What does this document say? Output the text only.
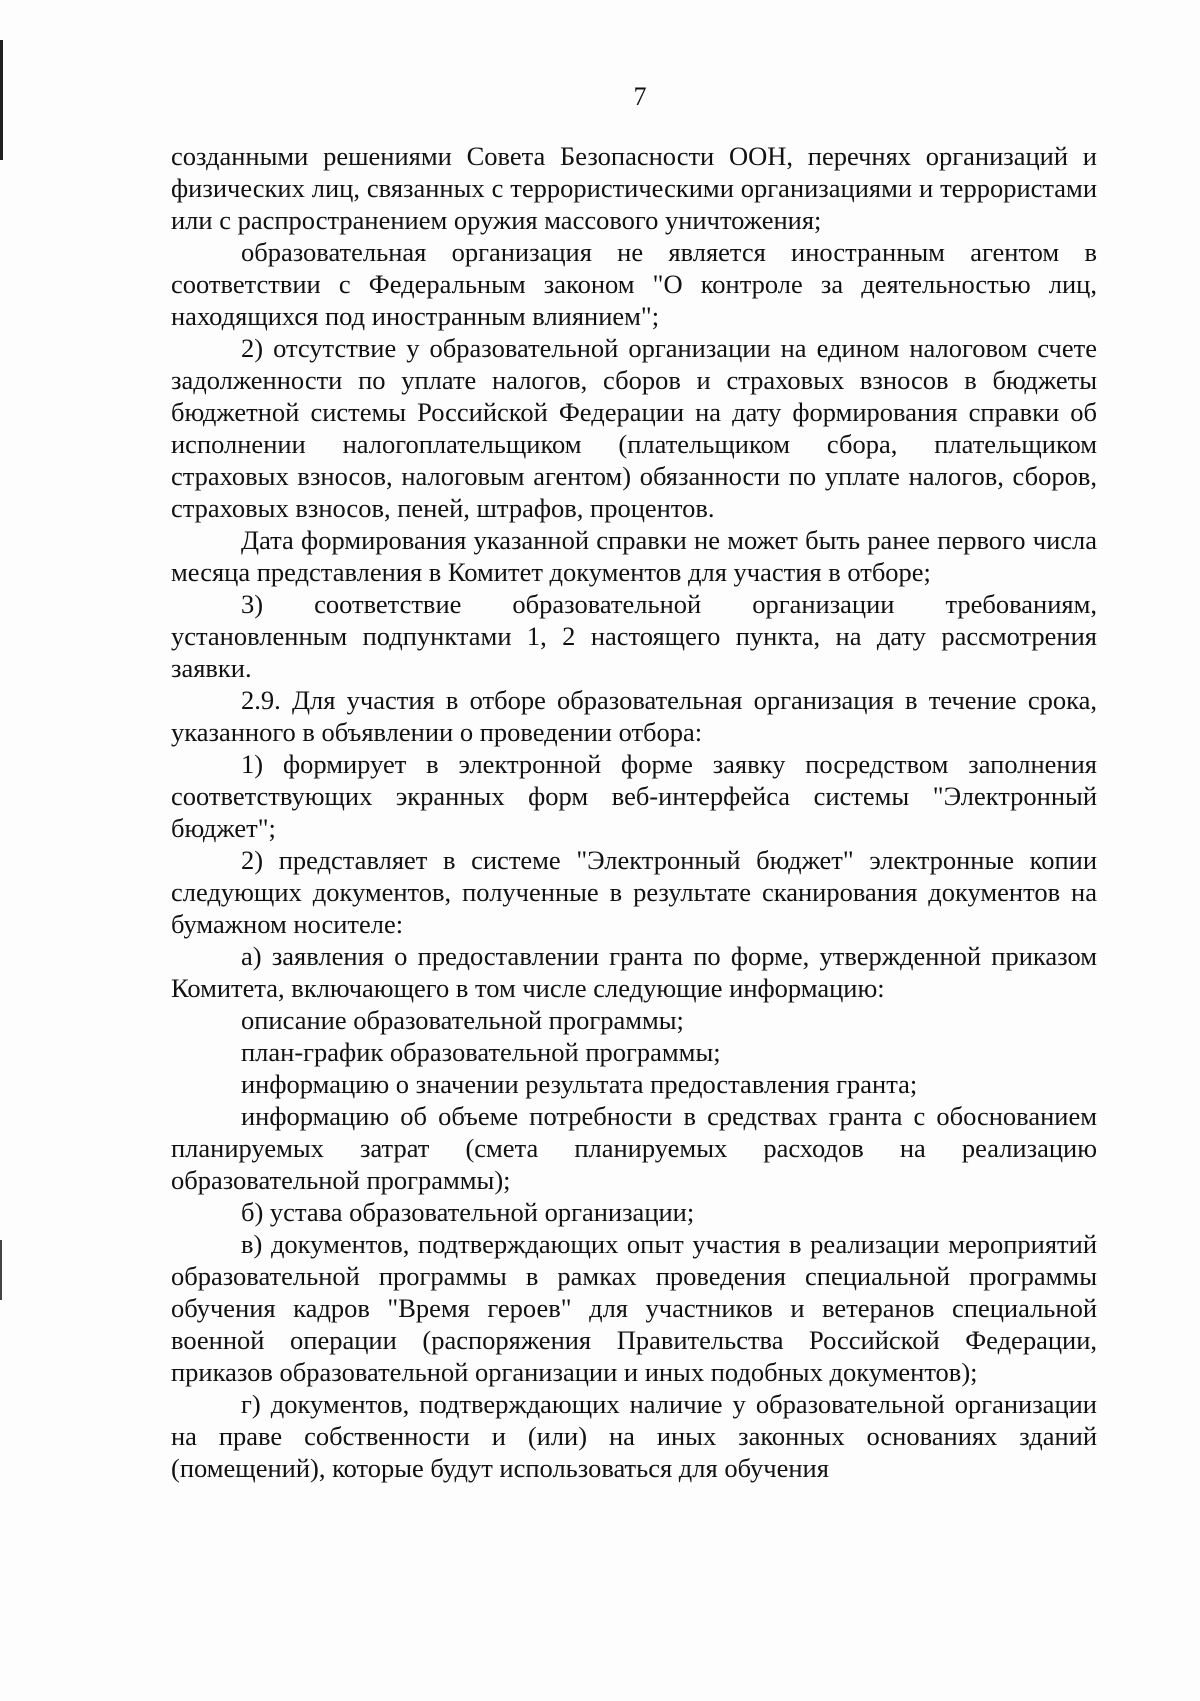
7

созданными решениями Совета Безопасности ООН, перечнях организаций и физических лиц, связанных с террористическими организациями и террористами или с распространением оружия массового уничтожения;

образовательная организация не является иностранным агентом в соответствии с Федеральным законом "О контроле за деятельностью лиц, находящихся под иностранным влиянием";

2) отсутствие у образовательной организации на едином налоговом счете задолженности по уплате налогов, сборов и страховых взносов в бюджеты бюджетной системы Российской Федерации на дату формирования справки об исполнении налогоплательщиком (плательщиком сбора, плательщиком страховых взносов, налоговым агентом) обязанности по уплате налогов, сборов, страховых взносов, пеней, штрафов, процентов.

Дата формирования указанной справки не может быть ранее первого числа месяца представления в Комитет документов для участия в отборе;

3) соответствие образовательной организации требованиям, установленным подпунктами 1, 2 настоящего пункта, на дату рассмотрения заявки.

2.9. Для участия в отборе образовательная организация в течение срока, указанного в объявлении о проведении отбора:

1) формирует в электронной форме заявку посредством заполнения соответствующих экранных форм веб-интерфейса системы "Электронный бюджет";

2) представляет в системе "Электронный бюджет" электронные копии следующих документов, полученные в результате сканирования документов на бумажном носителе:

а) заявления о предоставлении гранта по форме, утвержденной приказом Комитета, включающего в том числе следующие информацию:

описание образовательной программы;

план-график образовательной программы;

информацию о значении результата предоставления гранта;

информацию об объеме потребности в средствах гранта с обоснованием планируемых затрат (смета планируемых расходов на реализацию образовательной программы);

б) устава образовательной организации;

в) документов, подтверждающих опыт участия в реализации мероприятий образовательной программы в рамках проведения специальной программы обучения кадров "Время героев" для участников и ветеранов специальной военной операции (распоряжения Правительства Российской Федерации, приказов образовательной организации и иных подобных документов);

г) документов, подтверждающих наличие у образовательной организации на праве собственности и (или) на иных законных основаниях зданий (помещений), которые будут использоваться для обучения
